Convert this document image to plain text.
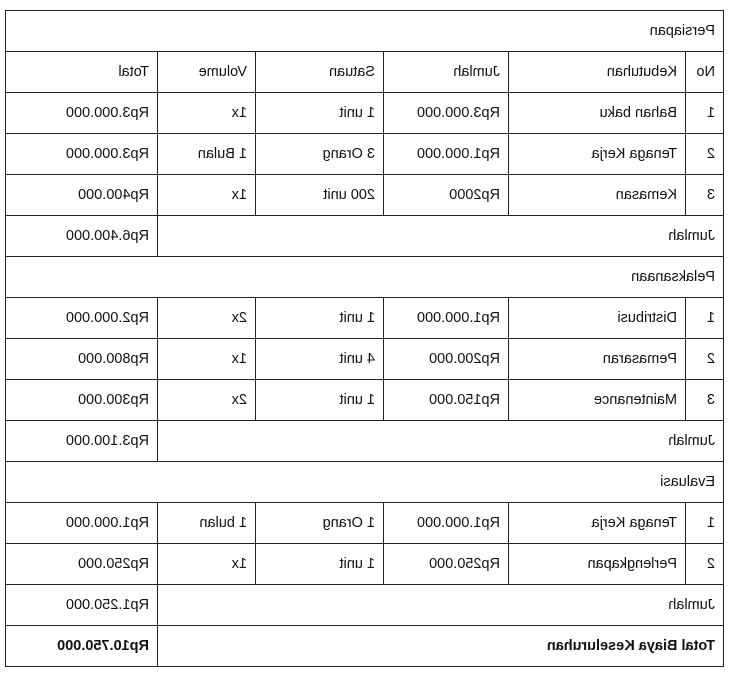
Persiapan					
No	Kebutuhan	Jumlah	Satuan	Volume	Total
1	Bahan baku	Rp3.000.000	1 unit	1x	Rp3.000.000
2	Tenaga Kerja	Rp1.000.000	3 Orang	1 Bulan	Rp3.000.000
3	Kemasan	Rp2000	200 unit	1x	Rp400.000
Jumlah					Rp6.400.000
Pelaksanaan					
1	Distribusi	Rp1.000.000	1 unit	2x	Rp2.000.000
2	Pemasaran	Rp200.000	4 unit	1x	Rp800.000
3	Maintenance	Rp150.000	1 unit	2x	Rp300.000
Jumlah					Rp3.100.000
Evaluasi					
1	Tenaga Kerja	Rp1.000.000	1 Orang	1 bulan	Rp1.000.000
2	Perlengkapan	Rp250.000	1 unit	1x	Rp250.000
Jumlah					Rp1.250.000
Total Biaya Keseluruhan					Rp10.750.000
